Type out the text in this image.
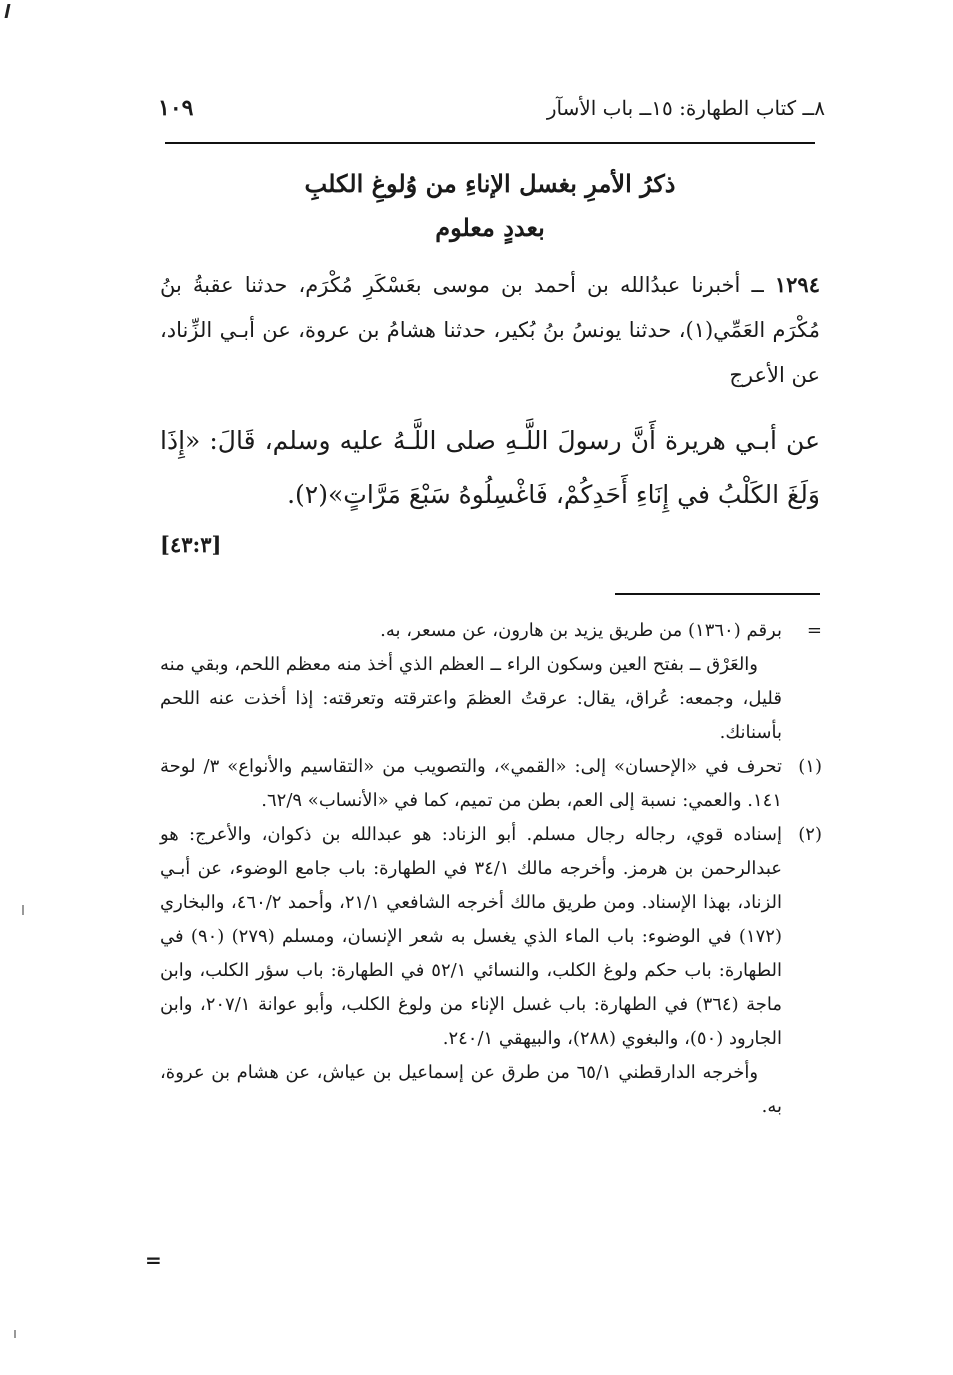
٨ــ كتاب الطهارة: ١٥ــ باب الأسآر
١٠٩
ذكرُ الأمرِ بغسل الإناءِ من وُلوغِ الكلبِ
بعددٍ معلوم
١٢٩٤ ــ أخبرنا عبدُالله بن أحمد بن موسى بعَسْكَرِ مُكْرَم، حدثنا عقبةُ بنُ مُكْرَم العَمِّي(١)، حدثنا يونسُ بنُ بُكير، حدثنا هشامُ بن عروة، عن أبـي الزِّناد، عن الأعرج
عن أبـي هريرة أَنَّ رسولَ اللَّـهِ صلى اللَّـهُ عليه وسلم، قَالَ: «إِذَا وَلَغَ الكَلْبُ في إِنَاءِ أَحَدِكُمْ، فَاغْسِلُوهُ سَبْعَ مَرَّاتٍ»(٢).
[٤٣:٣]
=
برقم (١٣٦٠) من طريق يزيد بن هارون، عن مسعر، به.
والعَرْق ــ بفتح العين وسكون الراء ــ العظم الذي أخذ منه معظم اللحم، وبقي منه قليل، وجمعه: عُراق، يقال: عرقتُ العظمَ واعترقته وتعرقته: إذا أخذت عنه اللحم بأسنانك.
(١)
تحرف في «الإحسان» إلى: «القمي»، والتصويب من «التقاسيم والأنواع» ٣/ لوحة ١٤١. والعمي: نسبة إلى العم، بطن من تميم، كما في «الأنساب» ٦٢/٩.
(٢)
إسناده قوي، رجاله رجال مسلم. أبو الزناد: هو عبدالله بن ذكوان، والأعرج: هو عبدالرحمن بن هرمز. وأخرجه مالك ٣٤/١ في الطهارة: باب جامع الوضوء، عن أبـي الزناد، بهذا الإسناد. ومن طريق مالك أخرجه الشافعي ٢١/١، وأحمد ٤٦٠/٢، والبخاري (١٧٢) في الوضوء: باب الماء الذي يغسل به شعر الإنسان، ومسلم (٢٧٩) (٩٠) في الطهارة: باب حكم ولوغ الكلب، والنسائي ٥٢/١ في الطهارة: باب سؤر الكلب، وابن ماجة (٣٦٤) في الطهارة: باب غسل الإناء من ولوغ الكلب، وأبو عوانة ٢٠٧/١، وابن الجارود (٥٠)، والبغوي (٢٨٨)، والبيهقي ٢٤٠/١.
وأخرجه الدارقطني ٦٥/١ من طرق عن إسماعيل بن عياش، عن هشام بن عروة، به.
=
